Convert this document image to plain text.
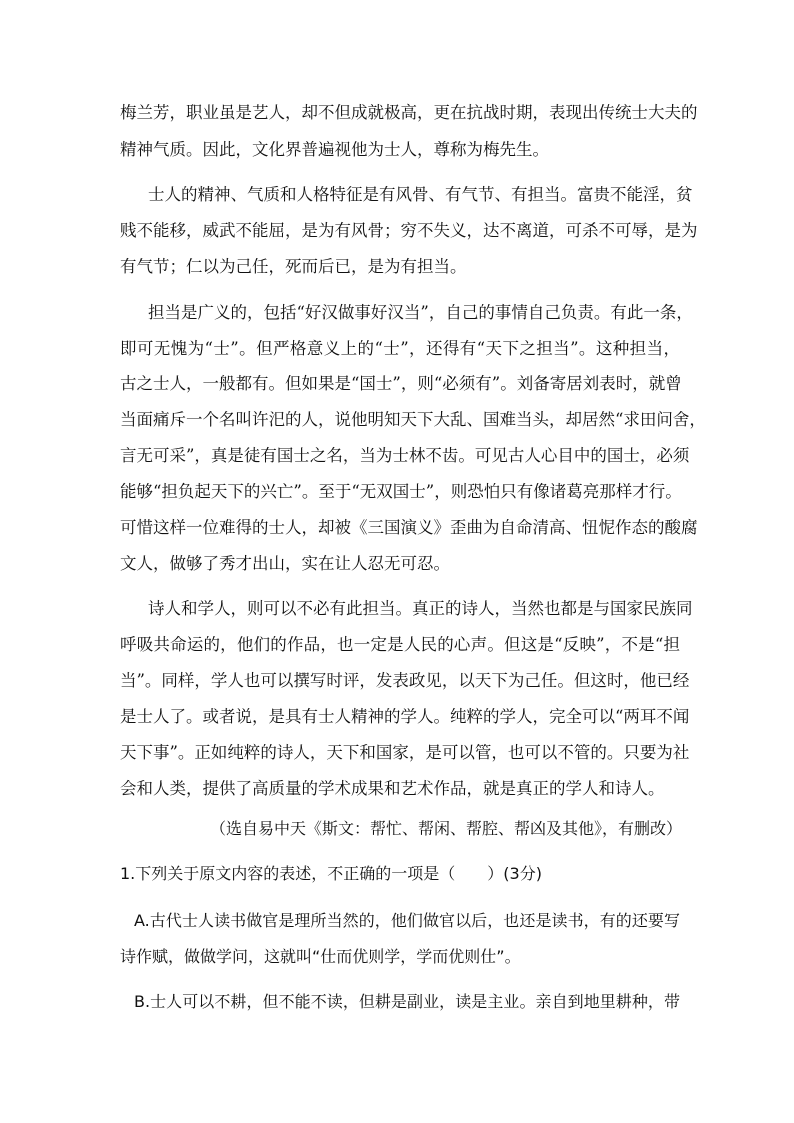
梅兰芳，职业虽是艺人，却不但成就极高，更在抗战时期，表现出传统士大夫的
精神气质。因此，文化界普遍视他为士人，尊称为梅先生。
士人的精神、气质和人格特征是有风骨、有气节、有担当。富贵不能淫，贫
贱不能移，威武不能屈，是为有风骨；穷不失义，达不离道，可杀不可辱，是为
有气节；仁以为己任，死而后已，是为有担当。
担当是广义的，包括“好汉做事好汉当”，自己的事情自己负责。有此一条，
即可无愧为“士”。但严格意义上的“士”，还得有“天下之担当”。这种担当，
古之士人，一般都有。但如果是“国士”，则“必须有”。刘备寄居刘表时，就曾
当面痛斥一个名叫许汜的人，说他明知天下大乱、国难当头，却居然“求田问舍，
言无可采”，真是徒有国士之名，当为士林不齿。可见古人心目中的国士，必须
能够“担负起天下的兴亡”。至于“无双国士”，则恐怕只有像诸葛亮那样才行。
可惜这样一位难得的士人，却被《三国演义》歪曲为自命清高、忸怩作态的酸腐
文人，做够了秀才出山，实在让人忍无可忍。
诗人和学人，则可以不必有此担当。真正的诗人，当然也都是与国家民族同
呼吸共命运的，他们的作品，也一定是人民的心声。但这是“反映”，不是“担
当”。同样，学人也可以撰写时评，发表政见，以天下为己任。但这时，他已经
是士人了。或者说，是具有士人精神的学人。纯粹的学人，完全可以“两耳不闻
天下事”。正如纯粹的诗人，天下和国家，是可以管，也可以不管的。只要为社
会和人类，提供了高质量的学术成果和艺术作品，就是真正的学人和诗人。
（选自易中天《斯文：帮忙、帮闲、帮腔、帮凶及其他》，有删改）
1.下列关于原文内容的表述，不正确的一项是（　　）(3分)
A.古代士人读书做官是理所当然的，他们做官以后，也还是读书，有的还要写
诗作赋，做做学问，这就叫“仕而优则学，学而优则仕”。
B.士人可以不耕，但不能不读，但耕是副业，读是主业。亲自到地里耕种，带
